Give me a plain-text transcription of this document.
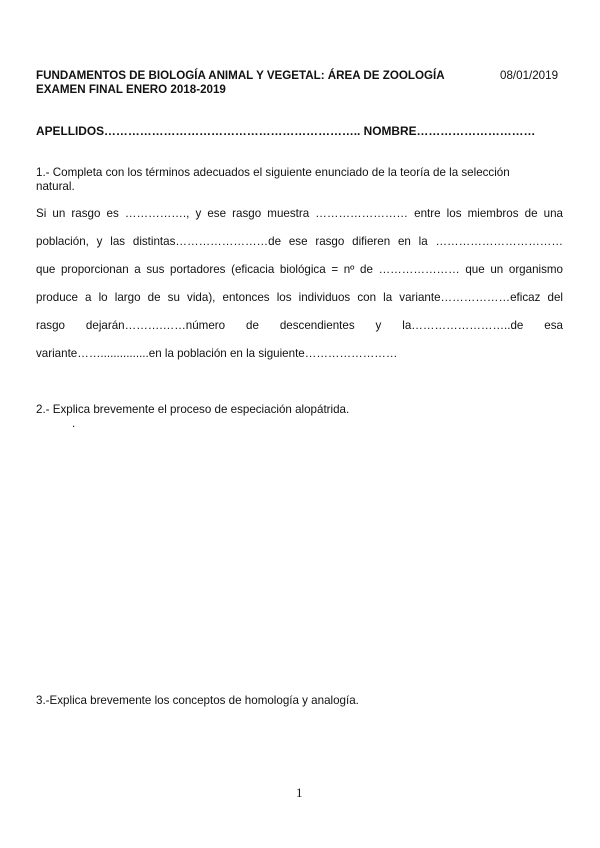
FUNDAMENTOS DE BIOLOGÍA ANIMAL Y VEGETAL: ÁREA DE ZOOLOGÍA
EXAMEN FINAL ENERO 2018-2019
08/01/2019
APELLIDOS……………………………………………………….. NOMBRE…………………………
1.- Completa con los términos adecuados el siguiente enunciado de la teoría de la selección
natural.
Si un rasgo es ……………., y ese rasgo muestra …………………… entre los miembros de una
población, y las distintas……………………de ese rasgo difieren en la ……………………………
que proporcionan a sus portadores (eficacia biológica = nº de ………………… que un organismo
produce a lo largo de su vida), entonces los individuos con la variante………………eficaz del
rasgo dejarán……….……número de descendientes y la……………………..de esa
variante……...............en la población en la siguiente……………………
2.- Explica brevemente el proceso de especiación alopátrida.
.
3.-Explica brevemente los conceptos de homología y analogía.
1
